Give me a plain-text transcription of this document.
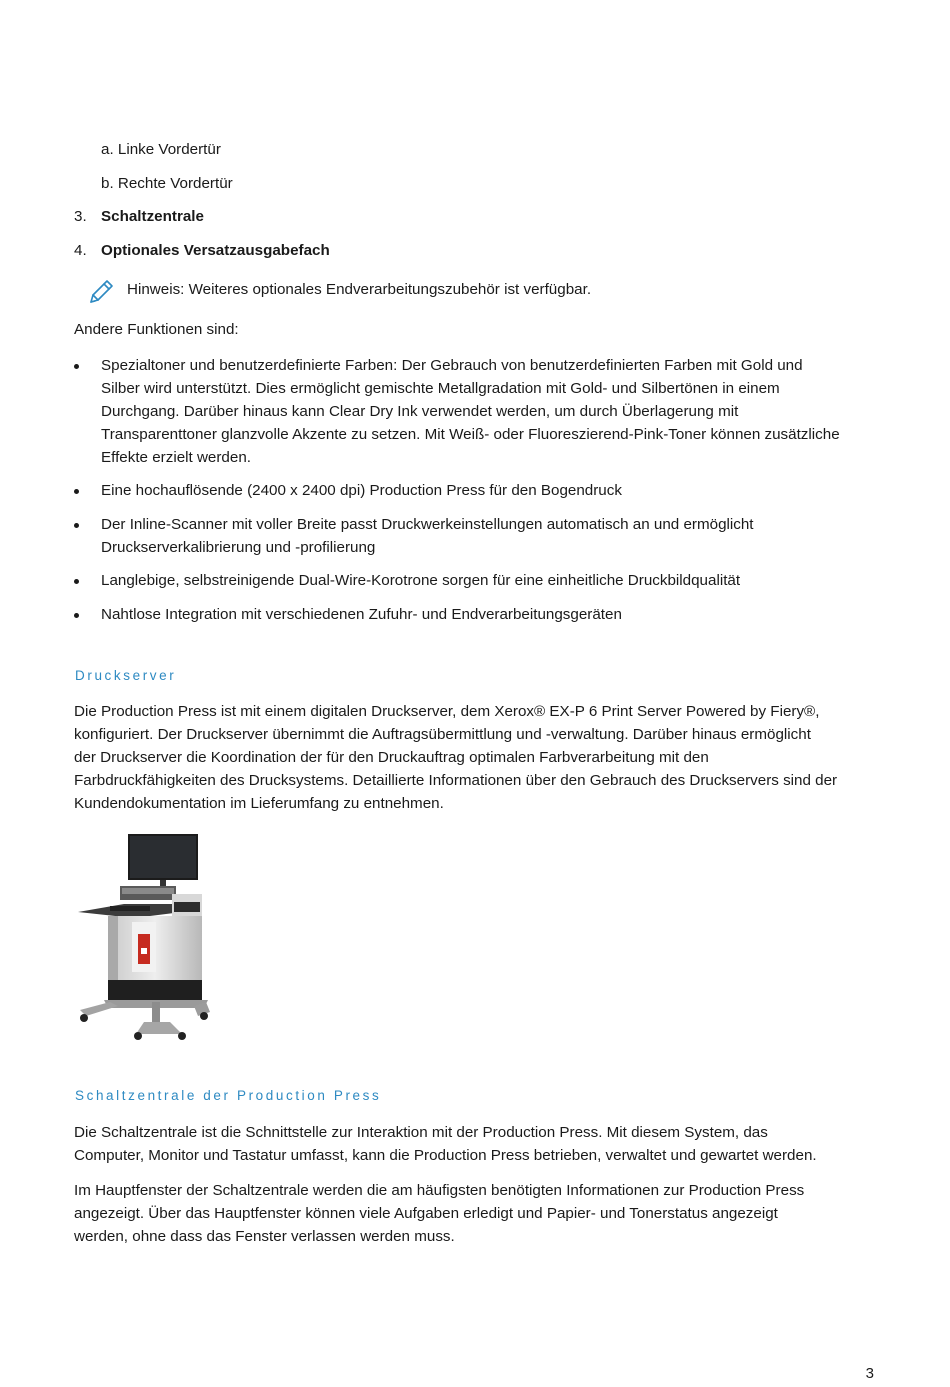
a. Linke Vordertür
b. Rechte Vordertür
3. Schaltzentrale
4. Optionales Versatzausgabefach
Hinweis: Weiteres optionales Endverarbeitungszubehör ist verfügbar.
Andere Funktionen sind:
Spezialtoner und benutzerdefinierte Farben: Der Gebrauch von benutzerdefinierten Farben mit Gold und
Silber wird unterstützt. Dies ermöglicht gemischte Metallgradation mit Gold- und Silbertönen in einem
Durchgang. Darüber hinaus kann Clear Dry Ink verwendet werden, um durch Überlagerung mit
Transparenttoner glanzvolle Akzente zu setzen. Mit Weiß- oder Fluoreszierend-Pink-Toner können zusätzliche
Effekte erzielt werden.
Eine hochauflösende (2400 x 2400 dpi) Production Press für den Bogendruck
Der Inline-Scanner mit voller Breite passt Druckwerkeinstellungen automatisch an und ermöglicht
Druckserverkalibrierung und -profilierung
Langlebige, selbstreinigende Dual-Wire-Korotrone sorgen für eine einheitliche Druckbildqualität
Nahtlose Integration mit verschiedenen Zufuhr- und Endverarbeitungsgeräten
Druckserver
Die Production Press ist mit einem digitalen Druckserver, dem Xerox® EX-P 6 Print Server Powered by Fiery®,
konfiguriert. Der Druckserver übernimmt die Auftragsübermittlung und -verwaltung. Darüber hinaus ermöglicht
der Druckserver die Koordination der für den Druckauftrag optimalen Farbverarbeitung mit den
Farbdruckfähigkeiten des Drucksystems. Detaillierte Informationen über den Gebrauch des Druckservers sind der
Kundendokumentation im Lieferumfang zu entnehmen.
Schaltzentrale der Production Press
Die Schaltzentrale ist die Schnittstelle zur Interaktion mit der Production Press. Mit diesem System, das
Computer, Monitor und Tastatur umfasst, kann die Production Press betrieben, verwaltet und gewartet werden.
Im Hauptfenster der Schaltzentrale werden die am häufigsten benötigten Informationen zur Production Press
angezeigt. Über das Hauptfenster können viele Aufgaben erledigt und Papier- und Tonerstatus angezeigt
werden, ohne dass das Fenster verlassen werden muss.
3
